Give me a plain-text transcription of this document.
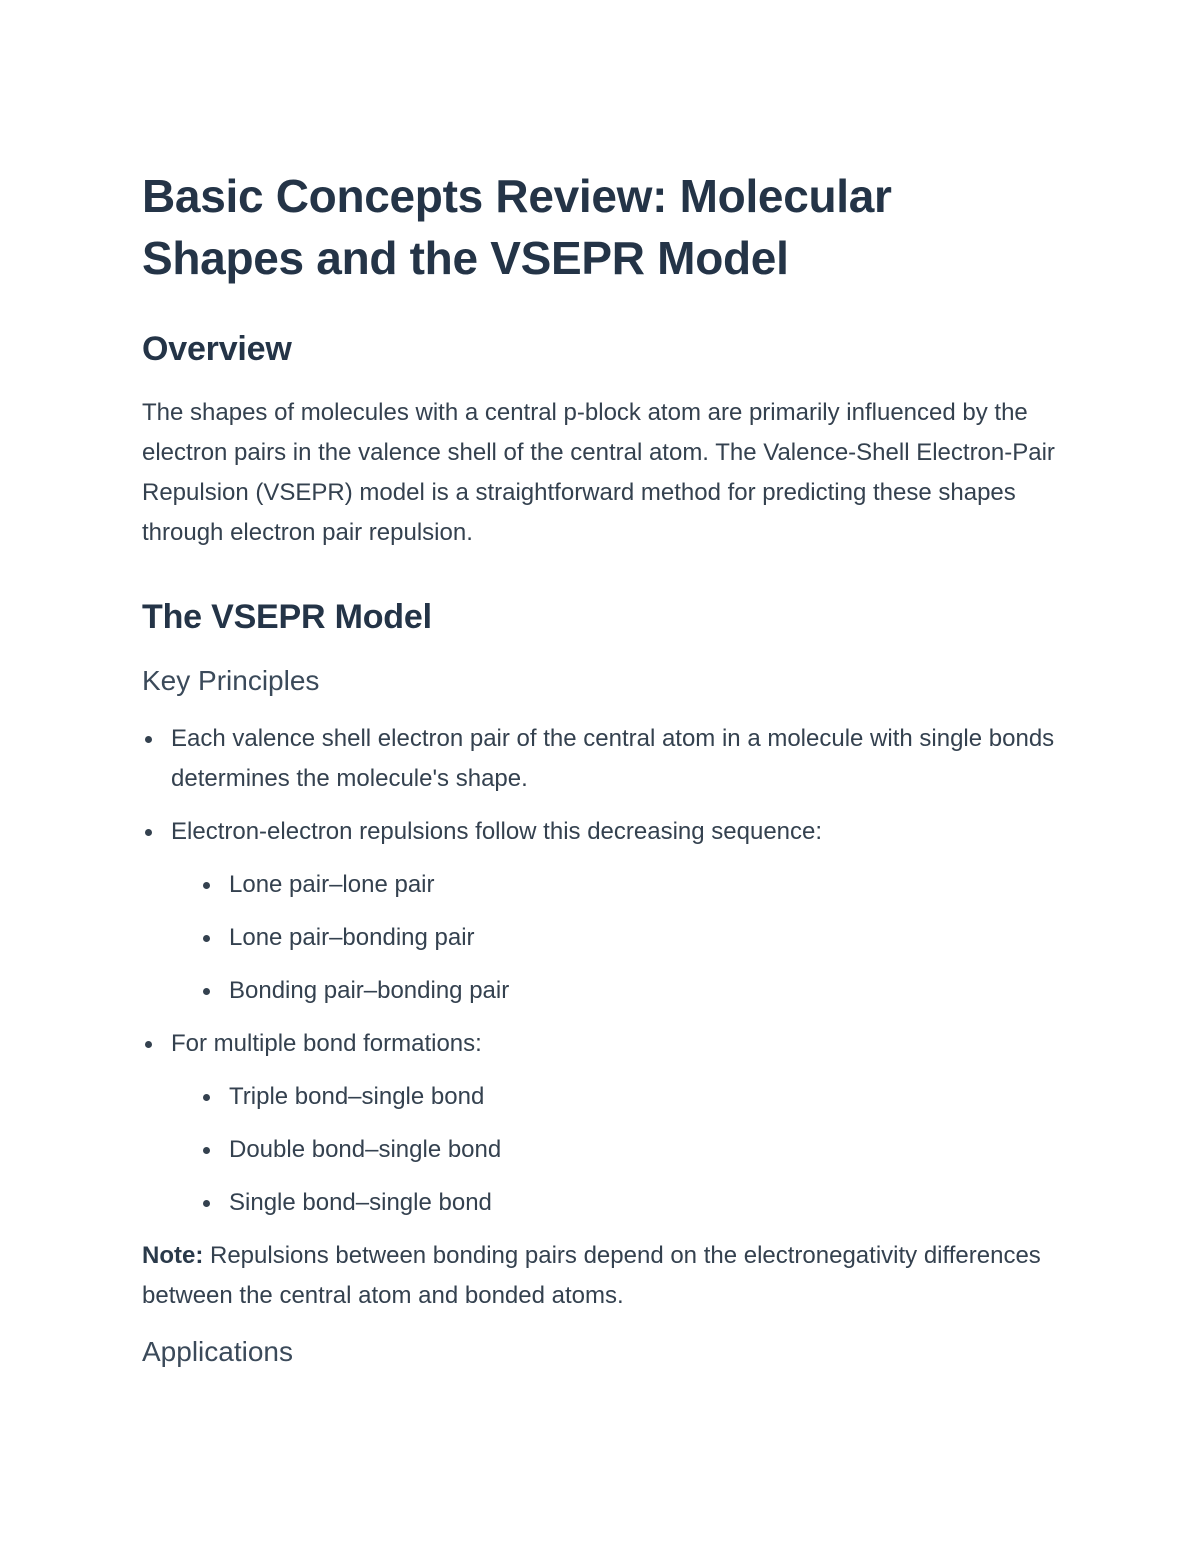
Basic Concepts Review: Molecular Shapes and the VSEPR Model
Overview

The shapes of molecules with a central p-block atom are primarily influenced by the electron pairs in the valence shell of the central atom. The Valence-Shell Electron-Pair Repulsion (VSEPR) model is a straightforward method for predicting these shapes through electron pair repulsion.

The VSEPR Model
Key Principles
Each valence shell electron pair of the central atom in a molecule with single bonds determines the molecule's shape.
Electron-electron repulsions follow this decreasing sequence:
Lone pair–lone pair
Lone pair–bonding pair
Bonding pair–bonding pair
For multiple bond formations:
Triple bond–single bond
Double bond–single bond
Single bond–single bond

Note: Repulsions between bonding pairs depend on the electronegativity differences between the central atom and bonded atoms.

Applications
